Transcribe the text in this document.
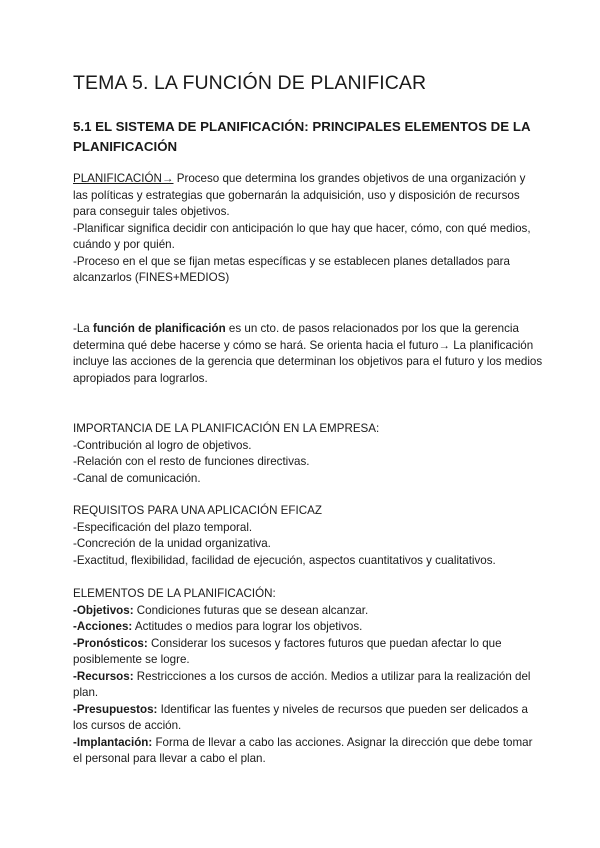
TEMA 5. LA FUNCIÓN DE PLANIFICAR
5.1 EL SISTEMA DE PLANIFICACIÓN: PRINCIPALES ELEMENTOS DE LA PLANIFICACIÓN

PLANIFICACIÓN→ Proceso que determina los grandes objetivos de una organización y las políticas y estrategias que gobernarán la adquisición, uso y disposición de recursos para conseguir tales objetivos.

-Planificar significa decidir con anticipación lo que hay que hacer, cómo, con qué medios, cuándo y por quién.

-Proceso en el que se fijan metas específicas y se establecen planes detallados para alcanzarlos (FINES+MEDIOS)

-La función de planificación es un cto. de pasos relacionados por los que la gerencia determina qué debe hacerse y cómo se hará. Se orienta hacia el futuro→ La planificación incluye las acciones de la gerencia que determinan los objetivos para el futuro y los medios apropiados para lograrlos.

IMPORTANCIA DE LA PLANIFICACIÓN EN LA EMPRESA:

-Contribución al logro de objetivos.

-Relación con el resto de funciones directivas.

-Canal de comunicación.

REQUISITOS PARA UNA APLICACIÓN EFICAZ

-Especificación del plazo temporal.

-Concreción de la unidad organizativa.

-Exactitud, flexibilidad, facilidad de ejecución, aspectos cuantitativos y cualitativos.

ELEMENTOS DE LA PLANIFICACIÓN:

-Objetivos: Condiciones futuras que se desean alcanzar.

-Acciones: Actitudes o medios para lograr los objetivos.

-Pronósticos: Considerar los sucesos y factores futuros que puedan afectar lo que posiblemente se logre.

-Recursos: Restricciones a los cursos de acción. Medios a utilizar para la realización del plan.

-Presupuestos: Identificar las fuentes y niveles de recursos que pueden ser delicados a los cursos de acción.

-Implantación: Forma de llevar a cabo las acciones. Asignar la dirección que debe tomar el personal para llevar a cabo el plan.
